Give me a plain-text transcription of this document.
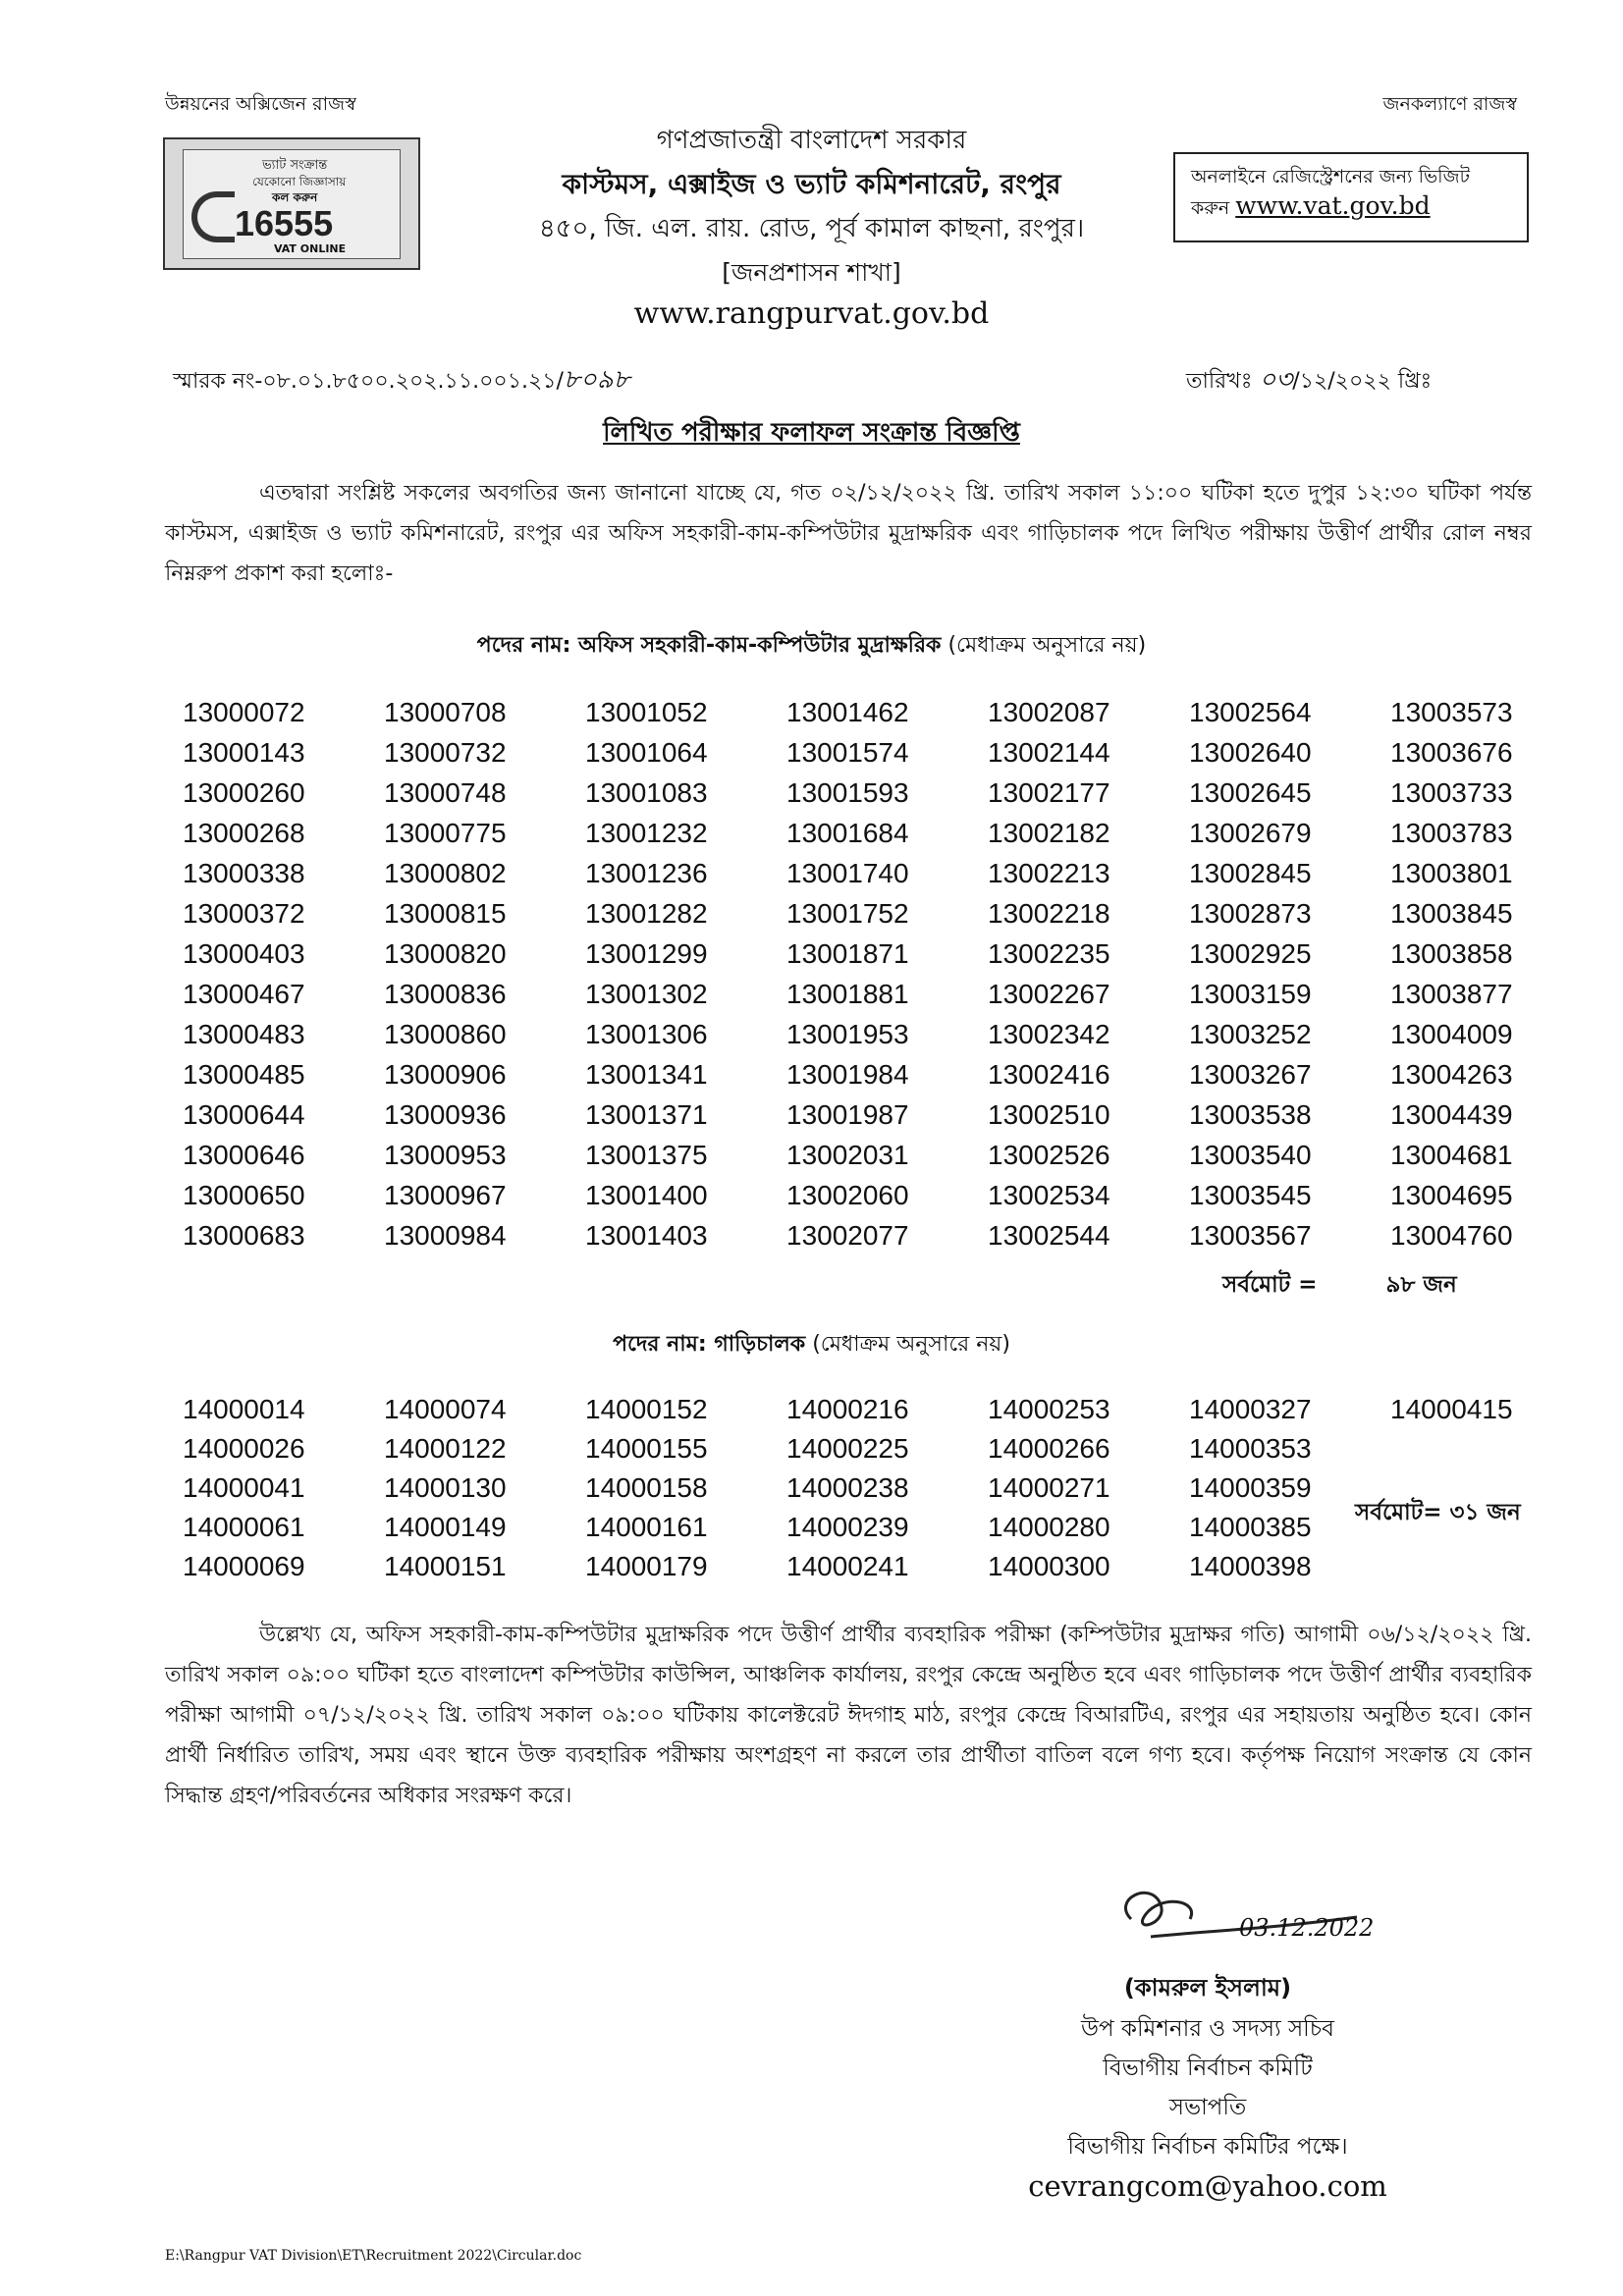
উন্নয়নের অক্সিজেন রাজস্ব	জনকল্যাণে রাজস্ব
ভ্যাট সংক্রান্ত
যেকোনো জিজ্ঞাসায়
কল করুন
16555
VAT ONLINE
গণপ্রজাতন্ত্রী বাংলাদেশ সরকার
কাস্টমস, এক্সাইজ ও ভ্যাট কমিশনারেট, রংপুর
৪৫০, জি. এল. রায়. রোড, পূর্ব কামাল কাছনা, রংপুর।
[জনপ্রশাসন শাখা]
www.rangpurvat.gov.bd
অনলাইনে রেজিস্ট্রেশনের জন্য ভিজিট
করুন www.vat.gov.bd
স্মারক নং-০৮.০১.৮৫০০.২০২.১১.০০১.২১/৮০৯৮	তারিখঃ ০৩/১২/২০২২ খ্রিঃ
লিখিত পরীক্ষার ফলাফল সংক্রান্ত বিজ্ঞপ্তি
এতদ্বারা সংশ্লিষ্ট সকলের অবগতির জন্য জানানো যাচ্ছে যে, গত ০২/১২/২০২২ খ্রি. তারিখ সকাল ১১:০০ ঘটিকা হতে দুপুর ১২:৩০ ঘটিকা পর্যন্ত কাস্টমস, এক্সাইজ ও ভ্যাট কমিশনারেট, রংপুর এর অফিস সহকারী-কাম-কম্পিউটার মুদ্রাক্ষরিক এবং গাড়িচালক পদে লিখিত পরীক্ষায় উত্তীর্ণ প্রার্থীর রোল নম্বর নিম্নরুপ প্রকাশ করা হলোঃ-
পদের নাম: অফিস সহকারী-কাম-কম্পিউটার মুদ্রাক্ষরিক (মেধাক্রম অনুসারে নয়)
13000072	13000708	13001052	13001462	13002087	13002564	13003573
13000143	13000732	13001064	13001574	13002144	13002640	13003676
13000260	13000748	13001083	13001593	13002177	13002645	13003733
13000268	13000775	13001232	13001684	13002182	13002679	13003783
13000338	13000802	13001236	13001740	13002213	13002845	13003801
13000372	13000815	13001282	13001752	13002218	13002873	13003845
13000403	13000820	13001299	13001871	13002235	13002925	13003858
13000467	13000836	13001302	13001881	13002267	13003159	13003877
13000483	13000860	13001306	13001953	13002342	13003252	13004009
13000485	13000906	13001341	13001984	13002416	13003267	13004263
13000644	13000936	13001371	13001987	13002510	13003538	13004439
13000646	13000953	13001375	13002031	13002526	13003540	13004681
13000650	13000967	13001400	13002060	13002534	13003545	13004695
13000683	13000984	13001403	13002077	13002544	13003567	13004760
সর্বমোট =	৯৮ জন
পদের নাম: গাড়িচালক (মেধাক্রম অনুসারে নয়)
14000014	14000074	14000152	14000216	14000253	14000327	14000415
14000026	14000122	14000155	14000225	14000266	14000353
14000041	14000130	14000158	14000238	14000271	14000359
14000061	14000149	14000161	14000239	14000280	14000385
14000069	14000151	14000179	14000241	14000300	14000398
সর্বমোট= ৩১ জন
উল্লেখ্য যে, অফিস সহকারী-কাম-কম্পিউটার মুদ্রাক্ষরিক পদে উত্তীর্ণ প্রার্থীর ব্যবহারিক পরীক্ষা (কম্পিউটার মুদ্রাক্ষর গতি) আগামী ০৬/১২/২০২২ খ্রি. তারিখ সকাল ০৯:০০ ঘটিকা হতে বাংলাদেশ কম্পিউটার কাউন্সিল, আঞ্চলিক কার্যালয়, রংপুর কেন্দ্রে অনুষ্ঠিত হবে এবং গাড়িচালক পদে উত্তীর্ণ প্রার্থীর ব্যবহারিক পরীক্ষা আগামী ০৭/১২/২০২২ খ্রি. তারিখ সকাল ০৯:০০ ঘটিকায় কালেক্টরেট ঈদগাহ মাঠ, রংপুর কেন্দ্রে বিআরটিএ, রংপুর এর সহায়তায় অনুষ্ঠিত হবে। কোন প্রার্থী নির্ধারিত তারিখ, সময় এবং স্থানে উক্ত ব্যবহারিক পরীক্ষায় অংশগ্রহণ না করলে তার প্রার্থীতা বাতিল বলে গণ্য হবে। কর্তৃপক্ষ নিয়োগ সংক্রান্ত যে কোন সিদ্ধান্ত গ্রহণ/পরিবর্তনের অধিকার সংরক্ষণ করে।
03.12.2022
(কামরুল ইসলাম)
উপ কমিশনার ও সদস্য সচিব
বিভাগীয় নির্বাচন কমিটি
সভাপতি
বিভাগীয় নির্বাচন কমিটির পক্ষে।
cevrangcom@yahoo.com
E:\Rangpur VAT Division\ET\Recruitment 2022\Circular.doc
